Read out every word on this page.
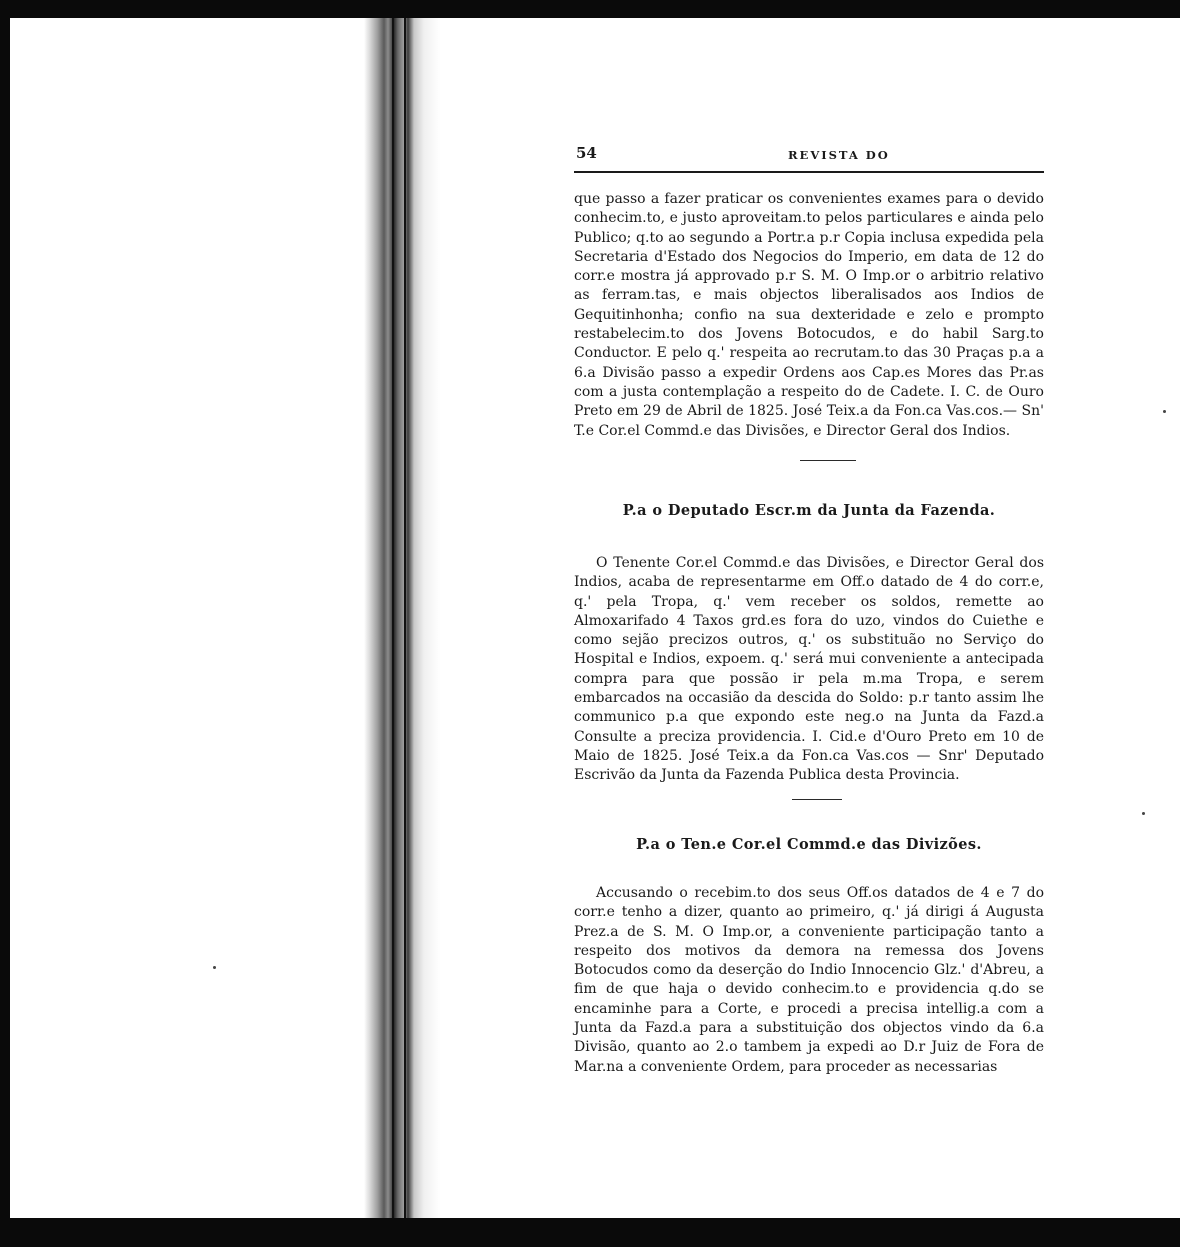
54	REVISTA DO

que passo a fazer praticar os convenientes exames para o devido conhecim.to, e justo aproveitam.to pelos particulares e ainda pelo Publico; q.to ao segundo a Portr.a p.r Copia inclusa expedida pela Secretaria d'Estado dos Negocios do Imperio, em data de 12 do corr.e mostra já approvado p.r S. M. O Imp.or o arbitrio relativo as ferram.tas, e mais objectos liberalisados aos Indios de Gequitinhonha; confio na sua dexteridade e zelo e prompto restabelecim.to dos Jovens Botocudos, e do habil Sarg.to Conductor. E pelo q.' respeita ao recrutam.to das 30 Praças p.a a 6.a Divisão passo a expedir Ordens aos Cap.es Mores das Pr.as com a justa contemplação a respeito do de Cadete. I. C. de Ouro Preto em 29 de Abril de 1825. José Teix.a da Fon.ca Vas.cos.— Sn' T.e Cor.el Commd.e das Divisões, e Director Geral dos Indios.

P.a o Deputado Escr.m da Junta da Fazenda.

O Tenente Cor.el Commd.e das Divisões, e Director Geral dos Indios, acaba de representarme em Off.o datado de 4 do corr.e, q.' pela Tropa, q.' vem receber os soldos, remette ao Almoxarifado 4 Taxos grd.es fora do uzo, vindos do Cuiethe e como sejão precizos outros, q.' os substituão no Serviço do Hospital e Indios, expoem. q.' será mui conveniente a antecipada compra para que possão ir pela m.ma Tropa, e serem embarcados na occasião da descida do Soldo: p.r tanto assim lhe communico p.a que expondo este neg.o na Junta da Fazd.a Consulte a preciza providencia. I. Cid.e d'Ouro Preto em 10 de Maio de 1825. José Teix.a da Fon.ca Vas.cos — Snr' Deputado Escrivão da Junta da Fazenda Publica desta Provincia.

P.a o Ten.e Cor.el Commd.e das Divizões.

Accusando o recebim.to dos seus Off.os datados de 4 e 7 do corr.e tenho a dizer, quanto ao primeiro, q.' já dirigi á Augusta Prez.a de S. M. O Imp.or, a conveniente participação tanto a respeito dos motivos da demora na remessa dos Jovens Botocudos como da deserção do Indio Innocencio Glz.' d'Abreu, a fim de que haja o devido conhecim.to e providencia q.do se encaminhe para a Corte, e procedi a precisa intellig.a com a Junta da Fazd.a para a substituição dos objectos vindo da 6.a Divisão, quanto ao 2.o tambem ja expedi ao D.r Juiz de Fora de Mar.na a conveniente Ordem, para proceder as necessarias
